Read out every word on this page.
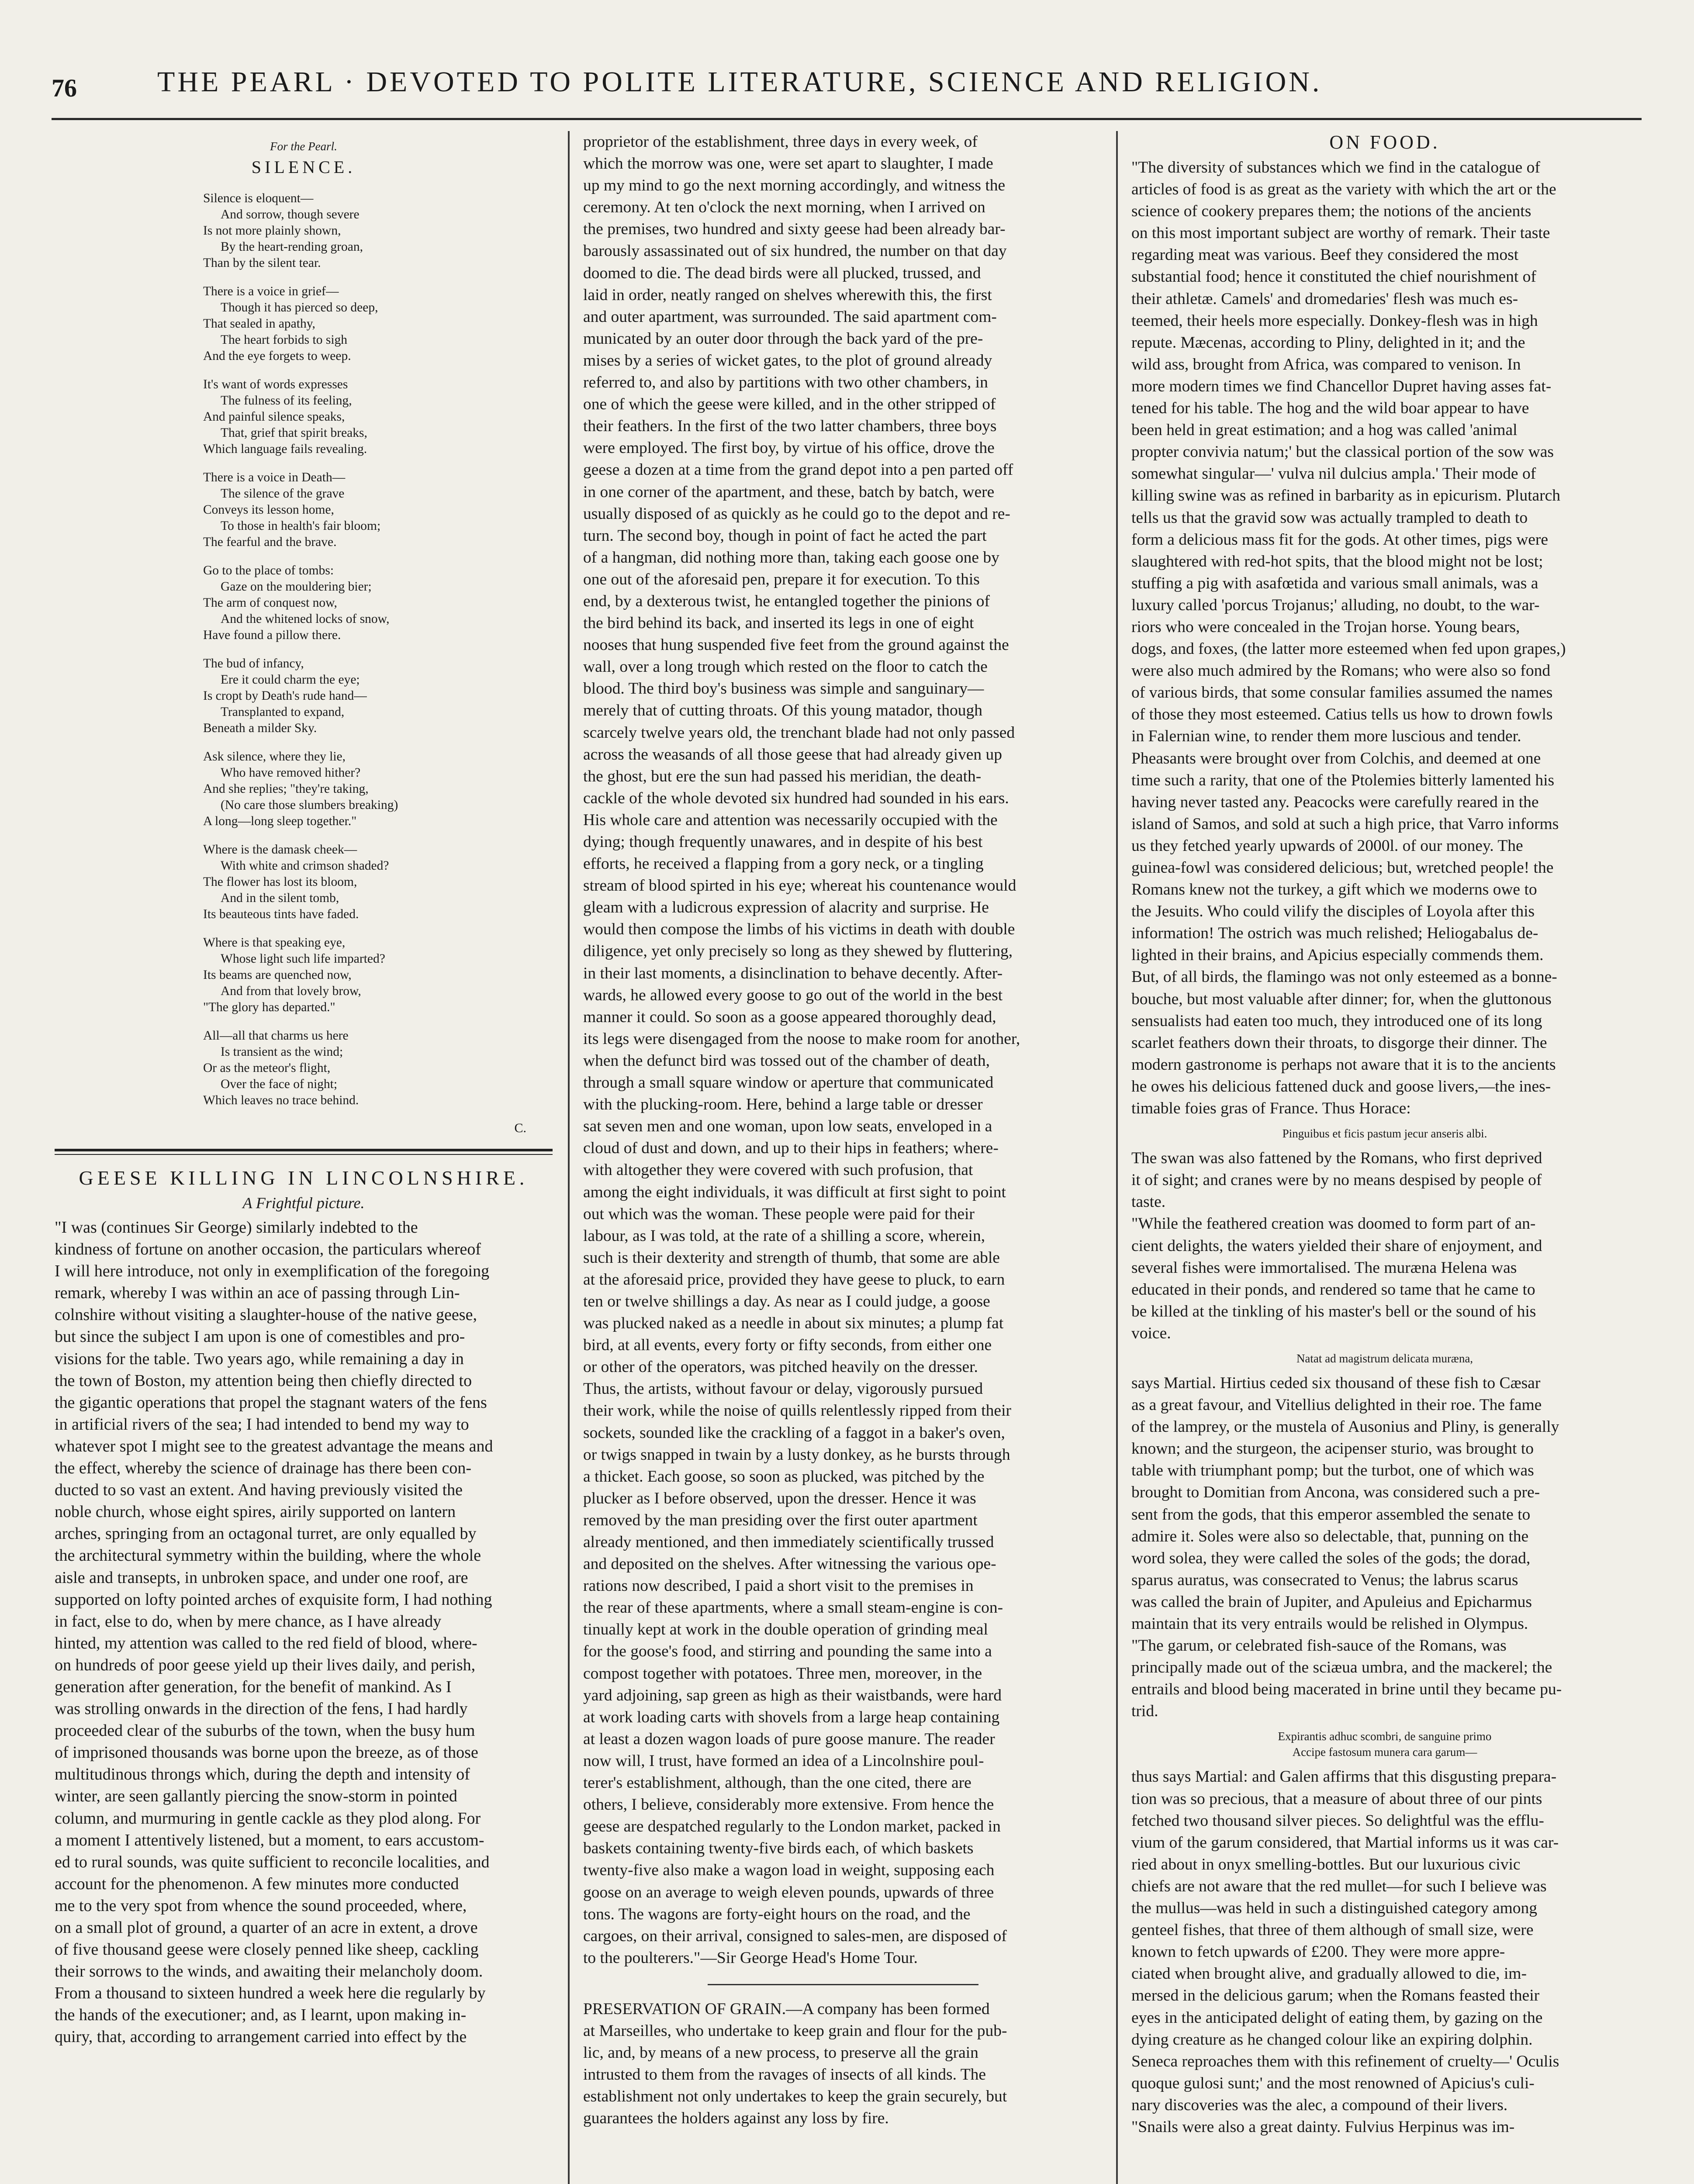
76	THE PEARL · DEVOTED TO POLITE LITERATURE, SCIENCE AND RELIGION.
For the Pearl.
SILENCE.
Silence is eloquent—
And sorrow, though severe
Is not more plainly shown,
By the heart-rending groan,
Than by the silent tear.
There is a voice in grief—
Though it has pierced so deep,
That sealed in apathy,
The heart forbids to sigh
And the eye forgets to weep.
It's want of words expresses
The fulness of its feeling,
And painful silence speaks,
That, grief that spirit breaks,
Which language fails revealing.
There is a voice in Death—
The silence of the grave
Conveys its lesson home,
To those in health's fair bloom;
The fearful and the brave.
Go to the place of tombs:
Gaze on the mouldering bier;
The arm of conquest now,
And the whitened locks of snow,
Have found a pillow there.
The bud of infancy,
Ere it could charm the eye;
Is cropt by Death's rude hand—
Transplanted to expand,
Beneath a milder Sky.
Ask silence, where they lie,
Who have removed hither?
And she replies; "they're taking,
(No care those slumbers breaking)
A long—long sleep together."
Where is the damask cheek—
With white and crimson shaded?
The flower has lost its bloom,
And in the silent tomb,
Its beauteous tints have faded.
Where is that speaking eye,
Whose light such life imparted?
Its beams are quenched now,
And from that lovely brow,
"The glory has departed."
All—all that charms us here
Is transient as the wind;
Or as the meteor's flight,
Over the face of night;
Which leaves no trace behind.
C.
GEESE KILLING IN LINCOLNSHIRE.
A Frightful picture.
"I was (continues Sir George) similarly indebted to the
kindness of fortune on another occasion, the particulars whereof
I will here introduce, not only in exemplification of the foregoing
remark, whereby I was within an ace of passing through Lin-
colnshire without visiting a slaughter-house of the native geese,
but since the subject I am upon is one of comestibles and pro-
visions for the table. Two years ago, while remaining a day in
the town of Boston, my attention being then chiefly directed to
the gigantic operations that propel the stagnant waters of the fens
in artificial rivers of the sea; I had intended to bend my way to
whatever spot I might see to the greatest advantage the means and
the effect, whereby the science of drainage has there been con-
ducted to so vast an extent. And having previously visited the
noble church, whose eight spires, airily supported on lantern
arches, springing from an octagonal turret, are only equalled by
the architectural symmetry within the building, where the whole
aisle and transepts, in unbroken space, and under one roof, are
supported on lofty pointed arches of exquisite form, I had nothing
in fact, else to do, when by mere chance, as I have already
hinted, my attention was called to the red field of blood, where-
on hundreds of poor geese yield up their lives daily, and perish,
generation after generation, for the benefit of mankind. As I
was strolling onwards in the direction of the fens, I had hardly
proceeded clear of the suburbs of the town, when the busy hum
of imprisoned thousands was borne upon the breeze, as of those
multitudinous throngs which, during the depth and intensity of
winter, are seen gallantly piercing the snow-storm in pointed
column, and murmuring in gentle cackle as they plod along. For
a moment I attentively listened, but a moment, to ears accustom-
ed to rural sounds, was quite sufficient to reconcile localities, and
account for the phenomenon. A few minutes more conducted
me to the very spot from whence the sound proceeded, where,
on a small plot of ground, a quarter of an acre in extent, a drove
of five thousand geese were closely penned like sheep, cackling
their sorrows to the winds, and awaiting their melancholy doom.
From a thousand to sixteen hundred a week here die regularly by
the hands of the executioner; and, as I learnt, upon making in-
quiry, that, according to arrangement carried into effect by the
proprietor of the establishment, three days in every week, of
which the morrow was one, were set apart to slaughter, I made
up my mind to go the next morning accordingly, and witness the
ceremony. At ten o'clock the next morning, when I arrived on
the premises, two hundred and sixty geese had been already bar-
barously assassinated out of six hundred, the number on that day
doomed to die. The dead birds were all plucked, trussed, and
laid in order, neatly ranged on shelves wherewith this, the first
and outer apartment, was surrounded. The said apartment com-
municated by an outer door through the back yard of the pre-
mises by a series of wicket gates, to the plot of ground already
referred to, and also by partitions with two other chambers, in
one of which the geese were killed, and in the other stripped of
their feathers. In the first of the two latter chambers, three boys
were employed. The first boy, by virtue of his office, drove the
geese a dozen at a time from the grand depot into a pen parted off
in one corner of the apartment, and these, batch by batch, were
usually disposed of as quickly as he could go to the depot and re-
turn. The second boy, though in point of fact he acted the part
of a hangman, did nothing more than, taking each goose one by
one out of the aforesaid pen, prepare it for execution. To this
end, by a dexterous twist, he entangled together the pinions of
the bird behind its back, and inserted its legs in one of eight
nooses that hung suspended five feet from the ground against the
wall, over a long trough which rested on the floor to catch the
blood. The third boy's business was simple and sanguinary—
merely that of cutting throats. Of this young matador, though
scarcely twelve years old, the trenchant blade had not only passed
across the weasands of all those geese that had already given up
the ghost, but ere the sun had passed his meridian, the death-
cackle of the whole devoted six hundred had sounded in his ears.
His whole care and attention was necessarily occupied with the
dying; though frequently unawares, and in despite of his best
efforts, he received a flapping from a gory neck, or a tingling
stream of blood spirted in his eye; whereat his countenance would
gleam with a ludicrous expression of alacrity and surprise. He
would then compose the limbs of his victims in death with double
diligence, yet only precisely so long as they shewed by fluttering,
in their last moments, a disinclination to behave decently. After-
wards, he allowed every goose to go out of the world in the best
manner it could. So soon as a goose appeared thoroughly dead,
its legs were disengaged from the noose to make room for another,
when the defunct bird was tossed out of the chamber of death,
through a small square window or aperture that communicated
with the plucking-room. Here, behind a large table or dresser
sat seven men and one woman, upon low seats, enveloped in a
cloud of dust and down, and up to their hips in feathers; where-
with altogether they were covered with such profusion, that
among the eight individuals, it was difficult at first sight to point
out which was the woman. These people were paid for their
labour, as I was told, at the rate of a shilling a score, wherein,
such is their dexterity and strength of thumb, that some are able
at the aforesaid price, provided they have geese to pluck, to earn
ten or twelve shillings a day. As near as I could judge, a goose
was plucked naked as a needle in about six minutes; a plump fat
bird, at all events, every forty or fifty seconds, from either one
or other of the operators, was pitched heavily on the dresser.
Thus, the artists, without favour or delay, vigorously pursued
their work, while the noise of quills relentlessly ripped from their
sockets, sounded like the crackling of a faggot in a baker's oven,
or twigs snapped in twain by a lusty donkey, as he bursts through
a thicket. Each goose, so soon as plucked, was pitched by the
plucker as I before observed, upon the dresser. Hence it was
removed by the man presiding over the first outer apartment
already mentioned, and then immediately scientifically trussed
and deposited on the shelves. After witnessing the various ope-
rations now described, I paid a short visit to the premises in
the rear of these apartments, where a small steam-engine is con-
tinually kept at work in the double operation of grinding meal
for the goose's food, and stirring and pounding the same into a
compost together with potatoes. Three men, moreover, in the
yard adjoining, sap green as high as their waistbands, were hard
at work loading carts with shovels from a large heap containing
at least a dozen wagon loads of pure goose manure. The reader
now will, I trust, have formed an idea of a Lincolnshire poul-
terer's establishment, although, than the one cited, there are
others, I believe, considerably more extensive. From hence the
geese are despatched regularly to the London market, packed in
baskets containing twenty-five birds each, of which baskets
twenty-five also make a wagon load in weight, supposing each
goose on an average to weigh eleven pounds, upwards of three
tons. The wagons are forty-eight hours on the road, and the
cargoes, on their arrival, consigned to sales-men, are disposed of
to the poulterers."—Sir George Head's Home Tour.
PRESERVATION OF GRAIN.—A company has been formed
at Marseilles, who undertake to keep grain and flour for the pub-
lic, and, by means of a new process, to preserve all the grain
intrusted to them from the ravages of insects of all kinds. The
establishment not only undertakes to keep the grain securely, but
guarantees the holders against any loss by fire.
ON FOOD.
"The diversity of substances which we find in the catalogue of
articles of food is as great as the variety with which the art or the
science of cookery prepares them; the notions of the ancients
on this most important subject are worthy of remark. Their taste
regarding meat was various. Beef they considered the most
substantial food; hence it constituted the chief nourishment of
their athletæ. Camels' and dromedaries' flesh was much es-
teemed, their heels more especially. Donkey-flesh was in high
repute. Mæcenas, according to Pliny, delighted in it; and the
wild ass, brought from Africa, was compared to venison. In
more modern times we find Chancellor Dupret having asses fat-
tened for his table. The hog and the wild boar appear to have
been held in great estimation; and a hog was called 'animal
propter convivia natum;' but the classical portion of the sow was
somewhat singular—' vulva nil dulcius ampla.' Their mode of
killing swine was as refined in barbarity as in epicurism. Plutarch
tells us that the gravid sow was actually trampled to death to
form a delicious mass fit for the gods. At other times, pigs were
slaughtered with red-hot spits, that the blood might not be lost;
stuffing a pig with asafœtida and various small animals, was a
luxury called 'porcus Trojanus;' alluding, no doubt, to the war-
riors who were concealed in the Trojan horse. Young bears,
dogs, and foxes, (the latter more esteemed when fed upon grapes,)
were also much admired by the Romans; who were also so fond
of various birds, that some consular families assumed the names
of those they most esteemed. Catius tells us how to drown fowls
in Falernian wine, to render them more luscious and tender.
Pheasants were brought over from Colchis, and deemed at one
time such a rarity, that one of the Ptolemies bitterly lamented his
having never tasted any. Peacocks were carefully reared in the
island of Samos, and sold at such a high price, that Varro informs
us they fetched yearly upwards of 2000l. of our money. The
guinea-fowl was considered delicious; but, wretched people! the
Romans knew not the turkey, a gift which we moderns owe to
the Jesuits. Who could vilify the disciples of Loyola after this
information! The ostrich was much relished; Heliogabalus de-
lighted in their brains, and Apicius especially commends them.
But, of all birds, the flamingo was not only esteemed as a bonne-
bouche, but most valuable after dinner; for, when the gluttonous
sensualists had eaten too much, they introduced one of its long
scarlet feathers down their throats, to disgorge their dinner. The
modern gastronome is perhaps not aware that it is to the ancients
he owes his delicious fattened duck and goose livers,—the ines-
timable foies gras of France. Thus Horace:
Pinguibus et ficis pastum jecur anseris albi.
The swan was also fattened by the Romans, who first deprived
it of sight; and cranes were by no means despised by people of
taste.
"While the feathered creation was doomed to form part of an-
cient delights, the waters yielded their share of enjoyment, and
several fishes were immortalised. The muræna Helena was
educated in their ponds, and rendered so tame that he came to
be killed at the tinkling of his master's bell or the sound of his
voice.
Natat ad magistrum delicata muræna,
says Martial. Hirtius ceded six thousand of these fish to Cæsar
as a great favour, and Vitellius delighted in their roe. The fame
of the lamprey, or the mustela of Ausonius and Pliny, is generally
known; and the sturgeon, the acipenser sturio, was brought to
table with triumphant pomp; but the turbot, one of which was
brought to Domitian from Ancona, was considered such a pre-
sent from the gods, that this emperor assembled the senate to
admire it. Soles were also so delectable, that, punning on the
word solea, they were called the soles of the gods; the dorad,
sparus auratus, was consecrated to Venus; the labrus scarus
was called the brain of Jupiter, and Apuleius and Epicharmus
maintain that its very entrails would be relished in Olympus.
"The garum, or celebrated fish-sauce of the Romans, was
principally made out of the sciæua umbra, and the mackerel; the
entrails and blood being macerated in brine until they became pu-
trid.
Expirantis adhuc scombri, de sanguine primo
Accipe fastosum munera cara garum—
thus says Martial: and Galen affirms that this disgusting prepara-
tion was so precious, that a measure of about three of our pints
fetched two thousand silver pieces. So delightful was the efflu-
vium of the garum considered, that Martial informs us it was car-
ried about in onyx smelling-bottles. But our luxurious civic
chiefs are not aware that the red mullet—for such I believe was
the mullus—was held in such a distinguished category among
genteel fishes, that three of them although of small size, were
known to fetch upwards of £200. They were more appre-
ciated when brought alive, and gradually allowed to die, im-
mersed in the delicious garum; when the Romans feasted their
eyes in the anticipated delight of eating them, by gazing on the
dying creature as he changed colour like an expiring dolphin.
Seneca reproaches them with this refinement of cruelty—' Oculis
quoque gulosi sunt;' and the most renowned of Apicius's culi-
nary discoveries was the alec, a compound of their livers.
"Snails were also a great dainty. Fulvius Herpinus was im-
